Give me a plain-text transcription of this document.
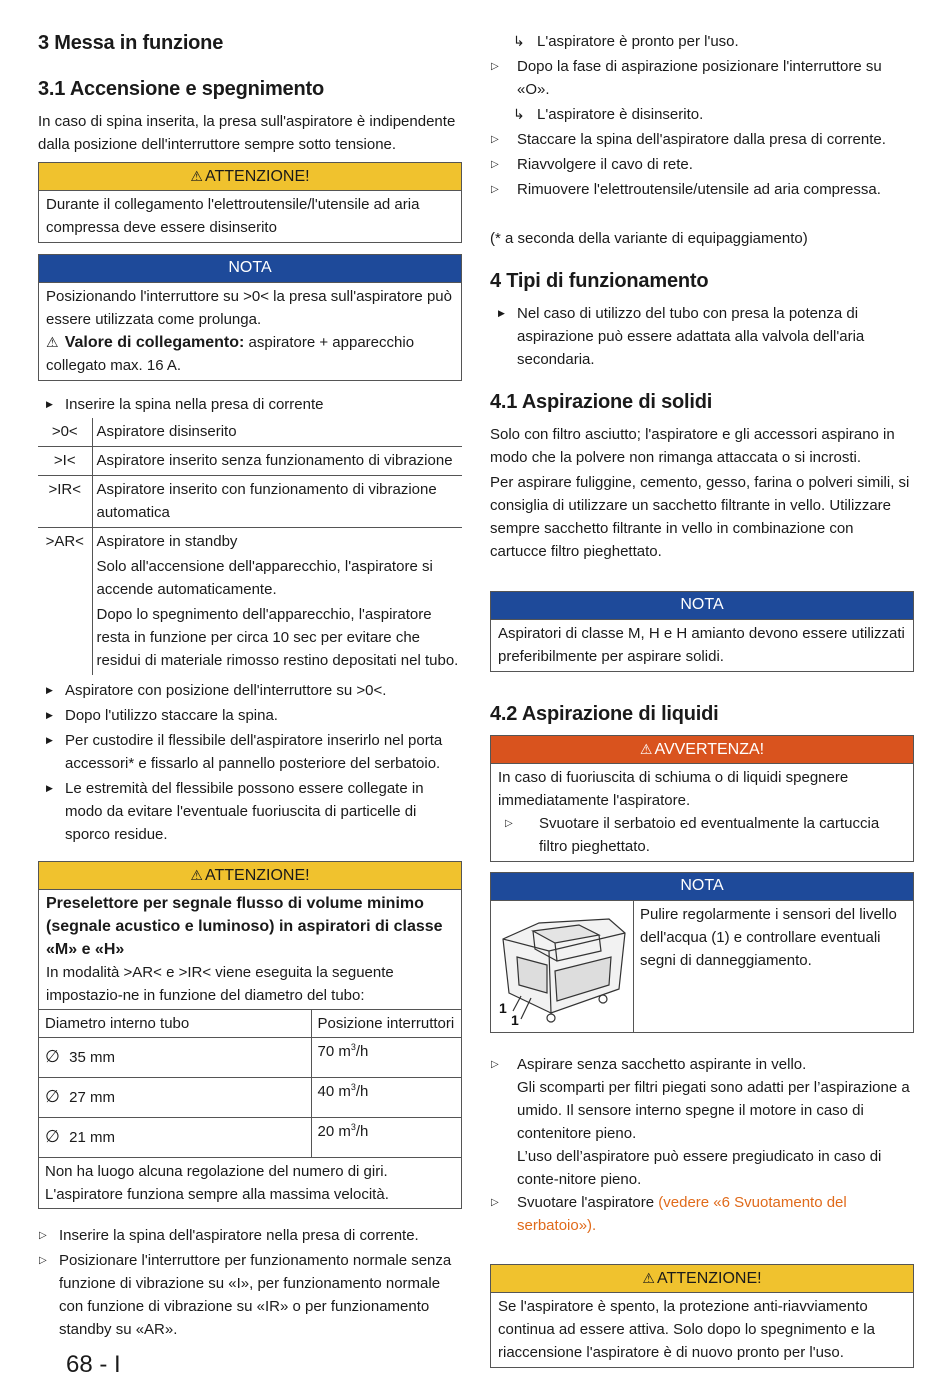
3 Messa in funzione
3.1 Accensione e spegnimento

In caso di spina inserita, la presa sull'aspiratore è indipendente dalla posizione dell'interruttore sempre sotto tensione.

⚠ ATTENZIONE!
Durante il collegamento l'elettroutensile/l'utensile ad aria compressa deve essere disinserito
NOTA

Posizionando l'interruttore su >0< la presa sull'aspiratore può essere utilizzata come prolunga.

⚠ Valore di collegamento: aspiratore + apparecchio collegato max. 16 A.

▶ Inserire la spina nella presa di corrente
>0<	Aspiratore disinserito

>I<	Aspiratore inserito senza funzionamento di vibrazione

>IR<	Aspiratore inserito con funzionamento di vibrazione automatica

>AR<	Aspiratore in standby

Solo all'accensione dell'apparecchio, l'aspiratore si accende automaticamente.

Dopo lo spegnimento dell'apparecchio, l'aspiratore resta in funzione per circa 10 sec per evitare che residui di materiale rimosso restino depositati nel tubo.

▶ Aspiratore con posizione dell'interruttore su >0<.
▶ Dopo l'utilizzo staccare la spina.
▶ Per custodire il flessibile dell'aspiratore inserirlo nel porta accessori* e fissarlo al pannello posteriore del serbatoio.
▶ Le estremità del flessibile possono essere collegate in modo da evitare l'eventuale fuoriuscita di particelle di sporco residue.
⚠ ATTENZIONE!

Preselettore per segnale flusso di volume minimo (segnale acustico e luminoso) in aspiratori di classe «M» e «H»

In modalità >AR< e >IR< viene eseguita la seguente impostazio-ne in funzione del diametro del tubo:

Diametro interno tubo	Posizione interruttori
∅ 35 mm	70 $m^3/h$
∅ 27 mm	40 $m^3/h$
∅ 21 mm	20 $m^3/h$
Non ha luogo alcuna regolazione del numero di giri. L'aspiratore funziona sempre alla massima velocità.	
▷ Inserire la spina dell'aspiratore nella presa di corrente.
▷ Posizionare l'interruttore per funzionamento normale senza funzione di vibrazione su «I», per funzionamento normale con funzione di vibrazione su «IR» o per funzionamento standby su «AR».
↳ L'aspiratore è pronto per l'uso.
▷ Dopo la fase di aspirazione posizionare l'interruttore su «O».
↳ L'aspiratore è disinserito.
▷ Staccare la spina dell'aspiratore dalla presa di corrente.
▷ Riavvolgere il cavo di rete.
▷ Rimuovere l'elettroutensile/utensile ad aria compressa.

(* a seconda della variante di equipaggiamento)

4 Tipi di funzionamento
▶ Nel caso di utilizzo del tubo con presa la potenza di aspirazione può essere adattata alla valvola dell'aria secondaria.
4.1 Aspirazione di solidi

Solo con filtro asciutto; l'aspiratore e gli accessori aspirano in modo che la polvere non rimanga attaccata o si incrosti.

Per aspirare fuliggine, cemento, gesso, farina o polveri simili, si consiglia di utilizzare un sacchetto filtrante in vello. Utilizzare sempre sacchetto filtrante in vello in combinazione con cartucce filtro pieghettato.

NOTA
Aspiratori di classe M, H e H amianto devono essere utilizzati preferibilmente per aspirare solidi.
4.2 Aspirazione di liquidi
⚠ AVVERTENZA!

In caso di fuoriuscita di schiuma o di liquidi spegnere immediatamente l'aspiratore.

▷ Svuotare il serbatoio ed eventualmente la cartuccia filtro pieghettato.
NOTA
1
1
Pulire regolarmente i sensori del livello dell'acqua (1) e controllare eventuali segni di danneggiamento.

▷ Aspirare senza sacchetto aspirante in vello.

Gli scomparti per filtri piegati sono adatti per l’aspirazione a umido. Il sensore interno spegne il motore in caso di contenitore pieno.

L’uso dell’aspiratore può essere pregiudicato in caso di conte-nitore pieno.

▷ Svuotare l'aspiratore (vedere «6 Svuotamento del serbatoio»).
⚠ ATTENZIONE!
Se l'aspiratore è spento, la protezione anti-riavviamento continua ad essere attiva. Solo dopo lo spegnimento e la riaccensione l'aspiratore è di nuovo pronto per l'uso.
68 - I
